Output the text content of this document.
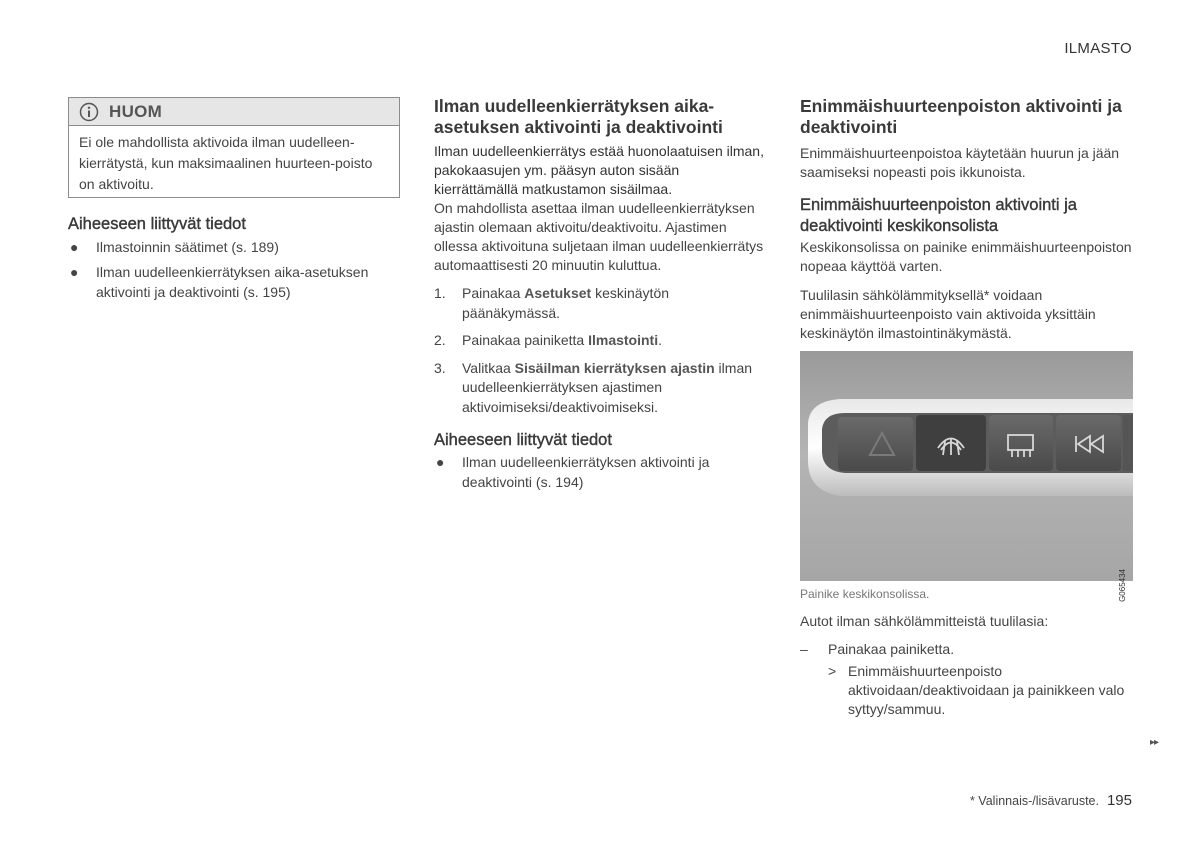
ILMASTO
HUOM
Ei ole mahdollista aktivoida ilman uudelleen-kierrätystä, kun maksimaalinen huurteen-poisto on aktivoitu.
Aiheeseen liittyvät tiedot
● Ilmastoinnin säätimet (s. 189)
● Ilman uudelleenkierrätyksen aika-asetuksen aktivointi ja deaktivointi (s. 195)
Ilman uudelleenkierrätyksen aika-asetuksen aktivointi ja deaktivointi
Ilman uudelleenkierrätys estää huonolaatuisen ilman, pakokaasujen ym. pääsyn auton sisään kierrättämällä matkustamon sisäilmaa.
On mahdollista asettaa ilman uudelleenkierrätyksen ajastin olemaan aktivoitu/deaktivoitu. Ajastimen ollessa aktivoituna suljetaan ilman uudelleenkierrätys automaattisesti 20 minuutin kuluttua.
1. Painakaa Asetukset keskinäytön päänäkymässä.
2. Painakaa painiketta Ilmastointi.
3. Valitkaa Sisäilman kierrätyksen ajastin ilman uudelleenkierrätyksen ajastimen aktivoimiseksi/deaktivoimiseksi.
Aiheeseen liittyvät tiedot
● Ilman uudelleenkierrätyksen aktivointi ja deaktivointi (s. 194)
Enimmäishuurteenpoiston aktivointi ja deaktivointi
Enimmäishuurteenpoistoa käytetään huurun ja jään saamiseksi nopeasti pois ikkunoista.
Enimmäishuurteenpoiston aktivointi ja deaktivointi keskikonsolista
Keskikonsolissa on painike enimmäishuurteenpoiston nopeaa käyttöä varten.
Tuulilasin sähkölämmityksellä* voidaan enimmäishuurteenpoisto vain aktivoida yksittäin keskinäytön ilmastointinäkymästä.
G065434
Painike keskikonsolissa.
Autot ilman sähkölämmitteistä tuulilasia:
– Painakaa painiketta.
> Enimmäishuurteenpoisto aktivoidaan/deaktivoidaan ja painikkeen valo syttyy/sammuu.
▸▸
* Valinnais-/lisävaruste. 195
